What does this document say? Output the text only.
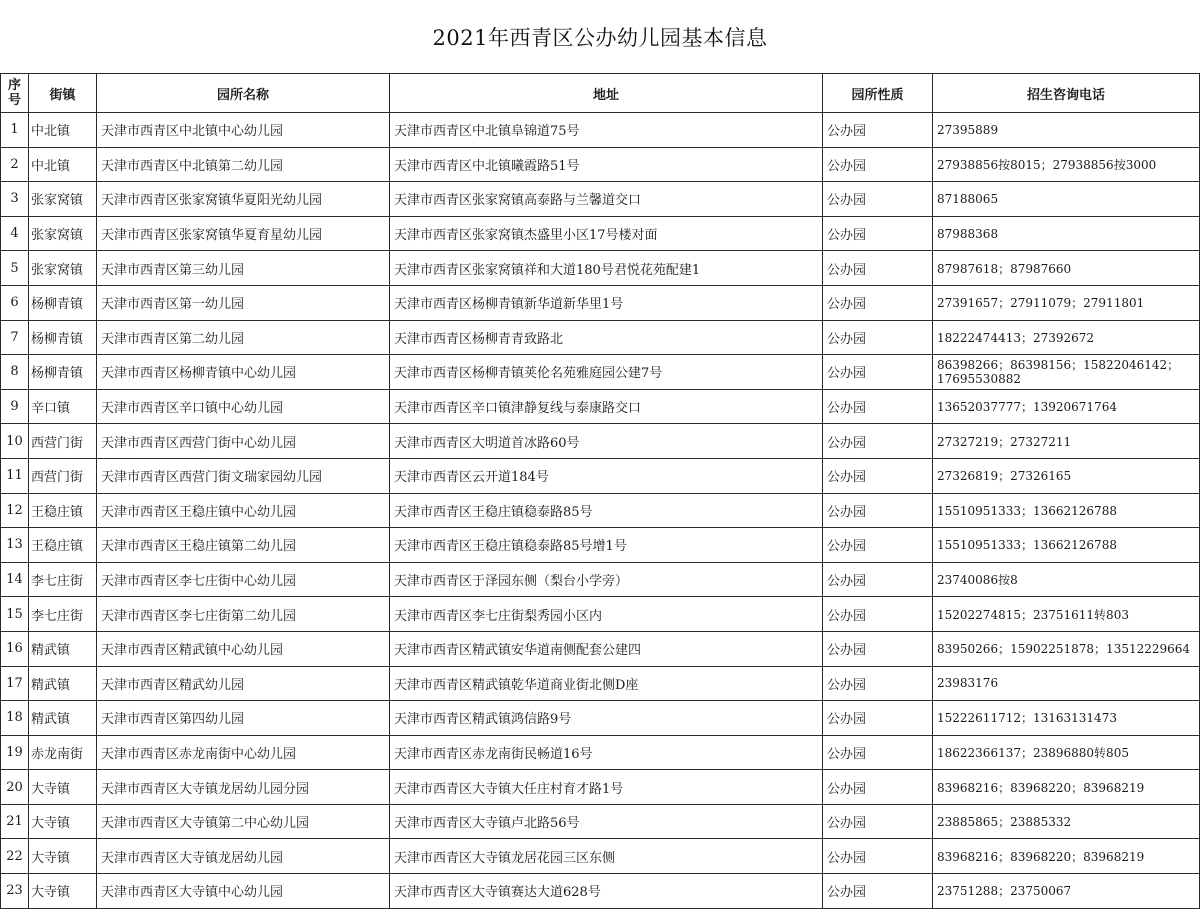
2021年西青区公办幼儿园基本信息
序
号	街镇	园所名称	地址	园所性质	招生咨询电话
1	中北镇	天津市西青区中北镇中心幼儿园	天津市西青区中北镇阜锦道75号	公办园	27395889
2	中北镇	天津市西青区中北镇第二幼儿园	天津市西青区中北镇曦霞路51号	公办园	27938856按8015；27938856按3000
3	张家窝镇	天津市西青区张家窝镇华夏阳光幼儿园	天津市西青区张家窝镇高泰路与兰馨道交口	公办园	87188065
4	张家窝镇	天津市西青区张家窝镇华夏育星幼儿园	天津市西青区张家窝镇杰盛里小区17号楼对面	公办园	87988368
5	张家窝镇	天津市西青区第三幼儿园	天津市西青区张家窝镇祥和大道180号君悦花苑配建1	公办园	87987618；87987660
6	杨柳青镇	天津市西青区第一幼儿园	天津市西青区杨柳青镇新华道新华里1号	公办园	27391657；27911079；27911801
7	杨柳青镇	天津市西青区第二幼儿园	天津市西青区杨柳青青致路北	公办园	18222474413；27392672
8	杨柳青镇	天津市西青区杨柳青镇中心幼儿园	天津市西青区杨柳青镇荚伦名苑雅庭园公建7号	公办园	86398266；86398156；15822046142；17695530882
9	辛口镇	天津市西青区辛口镇中心幼儿园	天津市西青区辛口镇津静复线与泰康路交口	公办园	13652037777；13920671764
10	西营门街	天津市西青区西营门街中心幼儿园	天津市西青区大明道首冰路60号	公办园	27327219；27327211
11	西营门街	天津市西青区西营门街文瑞家园幼儿园	天津市西青区云开道184号	公办园	27326819；27326165
12	王稳庄镇	天津市西青区王稳庄镇中心幼儿园	天津市西青区王稳庄镇稳泰路85号	公办园	15510951333；13662126788
13	王稳庄镇	天津市西青区王稳庄镇第二幼儿园	天津市西青区王稳庄镇稳泰路85号增1号	公办园	15510951333；13662126788
14	李七庄街	天津市西青区李七庄街中心幼儿园	天津市西青区于泽园东侧（梨台小学旁）	公办园	23740086按8
15	李七庄街	天津市西青区李七庄街第二幼儿园	天津市西青区李七庄街梨秀园小区内	公办园	15202274815；23751611转803
16	精武镇	天津市西青区精武镇中心幼儿园	天津市西青区精武镇安华道南侧配套公建四	公办园	83950266；15902251878；13512229664
17	精武镇	天津市西青区精武幼儿园	天津市西青区精武镇乾华道商业街北侧D座	公办园	23983176
18	精武镇	天津市西青区第四幼儿园	天津市西青区精武镇鸿信路9号	公办园	15222611712；13163131473
19	赤龙南街	天津市西青区赤龙南街中心幼儿园	天津市西青区赤龙南街民畅道16号	公办园	18622366137；23896880转805
20	大寺镇	天津市西青区大寺镇龙居幼儿园分园	天津市西青区大寺镇大任庄村育才路1号	公办园	83968216；83968220；83968219
21	大寺镇	天津市西青区大寺镇第二中心幼儿园	天津市西青区大寺镇卢北路56号	公办园	23885865；23885332
22	大寺镇	天津市西青区大寺镇龙居幼儿园	天津市西青区大寺镇龙居花园三区东侧	公办园	83968216；83968220；83968219
23	大寺镇	天津市西青区大寺镇中心幼儿园	天津市西青区大寺镇赛达大道628号	公办园	23751288；23750067
